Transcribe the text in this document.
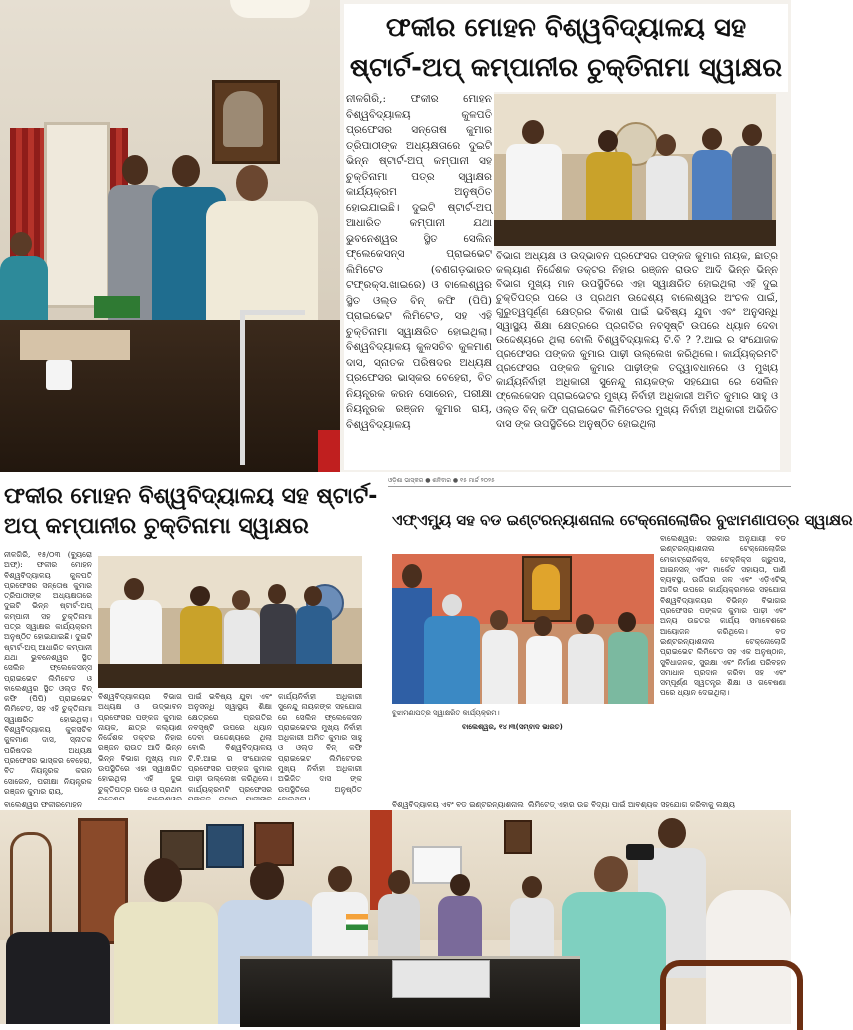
ଫକୀର ମୋହନ ବିଶ୍ୱବିଦ୍ୟାଳୟ ସହ
ଷ୍ଟାର୍ଟ-ଅପ୍ କମ୍ପାନୀର ଚୁକ୍ତିନାମା ସ୍ୱାକ୍ଷର
ନୀଳଗିରି,: ଫକୀର ମୋହନ ବିଶ୍ୱବିଦ୍ୟାଳୟ କୁଳପତି ପ୍ରଫେସର ସନ୍ତୋଷ କୁମାର ତ୍ରିପାଠୀଙ୍କ ଅଧ୍ୟକ୍ଷତାରେ ଦୁଇଟି ଭିନ୍ନ ଷ୍ଟାର୍ଟ-ଅପ୍ କମ୍ପାନୀ ସହ ଚୁକ୍ତିନାମା ପତ୍ର ସ୍ୱାକ୍ଷର କାର୍ଯ୍ୟକ୍ରମ ଅନୁଷ୍ଠିତ ହୋଇଯାଇଛି। ଦୁଇଟି ଷ୍ଟାର୍ଟ-ଅପ୍ ଆଧାରିତ କମ୍ପାନୀ ଯଥା ଭୁବନେଶ୍ୱର ସ୍ଥିତ ସେଲିନ ଫ୍ଲେକେସନ୍ସ ପ୍ରାଇଭେଟ ଲିମିଟେଡ (ବଣଗଡ଼ଭାରତ ଟଫ୍ରକ୍ସ.ଖାଇରେ) ଓ ବାଲେଶ୍ୱର ସ୍ଥିତ ଓଲ୍ଡ ବିନ୍ କଫି (ପିପି) ପ୍ରାଇଭେଟ ଲିମିଟେଡ, ସହ ଏହି ଚୁକ୍ତିନାମା ସ୍ୱାକ୍ଷରିତ ହୋଇଥିଲା। ବିଶ୍ୱବିଦ୍ୟାଳୟ କୁଳସଚିବ କୁଳମାଣ ଦାସ, ସ୍ନାତକ ପରିଷଦର ଅଧ୍ୟକ୍ଷ ପ୍ରଫେସର ଭାସ୍କର ବେହେରା, ବିତ ନିୟନ୍ତ୍ରକ କରନ ସୋରେନ, ପରୀକ୍ଷା ନିୟନ୍ତ୍ରକ ରଞ୍ଜନ କୁମାର ରାୟ, ବିଶ୍ୱବିଦ୍ୟାଳୟ
ବିଭାଗ ଅଧ୍ୟକ୍ଷ ଓ ଉଦ୍ଭାବନ ପ୍ରଫେସର ପଙ୍କଜ କୁମାର ନାୟକ, ଛାତ୍ର କଲ୍ୟାଣ ନିର୍ଦ୍ଦେଶକ ଡକ୍ଟର ନିହାର ରଞ୍ଜନ ରାଉତ ଆଦି ଭିନ୍ନ ଭିନ୍ନ ବିଭାଗ ମୁଖ୍ୟ ମାନ ଉପସ୍ଥିତିରେ ଏହା ସ୍ୱାକ୍ଷରିତ ହୋଇଥିଲା ଏହି ଦୁଇ ଚୁକ୍ତିପତ୍ର ପରେ ଓ ପ୍ରଥମ ଉଦ୍ଦେଶ୍ୟ ବାଲେଶ୍ୱର ଅଂଚଳ ପାଇଁ, ଗୁରୁତ୍ୱପୂର୍ଣ୍ଣ କ୍ଷେତ୍ରର ବିକାଶ ପାଇଁ ଭବିଷ୍ୟ ଯୁବା ଏବଂ ଅନୁସନ୍ଧି ସ୍ୱାସ୍ଥ୍ୟ ଶିକ୍ଷା କ୍ଷେତ୍ରରେ ପ୍ରଗତିର ନବସୃଷ୍ଟି ଉପରେ ଧ୍ୟାନ ଦେବା ଉଦ୍ଦେଶ୍ୟରେ ଥିଲା ବୋଲି ବିଶ୍ୱବିଦ୍ୟାଳୟ ଟି.ବି ? ?.ଆଇ ର ସଂଯୋଜକ ପ୍ରଫେସର ପଙ୍କଜ କୁମାର ପାଢ଼ୀ ଉଲ୍ଲେଖ କରିଥିଲେ। କାର୍ଯ୍ୟକ୍ରମଟି ପ୍ରଫେସର ପଙ୍କଜ କୁମାର ପାଢ଼ୀଙ୍କ ତତ୍ତ୍ୱାବଧାନରେ ଓ ମୁଖ୍ୟ କାର୍ଯ୍ୟନିର୍ବାହୀ ଅଧିକାରୀ ସୁନେନ୍ଦୁ ନାୟକଙ୍କ ସହଯୋଗ ରେ ସେଲିନ ଫ୍ଲେକେସନ ପ୍ରାଇଭେଟର ମୁଖ୍ୟ ନିର୍ବାହୀ ଅଧିକାରୀ ଅମିତ କୁମାର ସାହୁ ଓ ଓଲ୍ଡ ବିନ୍ କଫି ପ୍ରାଇଭେଟ ଲିମିଟେଡର ମୁଖ୍ୟ ନିର୍ବାହୀ ଅଧିକାରୀ ଅଭିଜିତ ଦାସ ଙ୍କ ଉପସ୍ଥିତିରେ ଅନୁଷ୍ଠିତ ହୋଇଥିଲା
ଫକୀର ମୋହନ ବିଶ୍ୱବିଦ୍ୟାଳୟ ସହ ଷ୍ଟାର୍ଟ-
ଅପ୍ କମ୍ପାନୀର ଚୁକ୍ତିନାମା ସ୍ୱାକ୍ଷର
ନୀଳଗିରି, ୧୫/୦୩ (ବ୍ୟୁରୋ ଅଫ୍): ଫକୀର ମୋହନ ବିଶ୍ୱବିଦ୍ୟାଳୟ କୁଳପତି ପ୍ରଫେସର ସନ୍ତୋଷ କୁମାର ତ୍ରିପାଠୀଙ୍କ ଅଧ୍ୟକ୍ଷତାରେ ଦୁଇଟି ଭିନ୍ନ ଷ୍ଟାର୍ଟ-ଅପ୍ କମ୍ପାନୀ ସହ ଚୁକ୍ତିନାମା ପତ୍ର ସ୍ୱାକ୍ଷର କାର୍ଯ୍ୟକ୍ରମ ଅନୁଷ୍ଠିତ ହୋଇଯାଇଛି। ଦୁଇଟି ଷ୍ଟାର୍ଟ-ଅପ୍ ଆଧାରିତ କମ୍ପାନୀ ଯଥା ଭୁବନେଶ୍ୱର ସ୍ଥିତ ସେଲିନ ଫ୍ଲେକେସନ୍ସ ପ୍ରାଇଭେଟ ଲିମିଟେଡ ଓ ବାଲେଶ୍ୱର ସ୍ଥିତ ଓଲ୍ଡ ବିନ୍ କଫି (ପିପି) ପ୍ରାଇଭେଟ ଲିମିଟେଡ, ସହ ଏହି ଚୁକ୍ତିନାମା ସ୍ୱାକ୍ଷରିତ ହୋଇଥିଲା। ବିଶ୍ୱବିଦ୍ୟାଳୟ କୁଳସଚିବ କୁଳମାଣ ଦାସ, ସ୍ନାତକ ପରିଷଦର ଅଧ୍ୟକ୍ଷ ପ୍ରଫେସର ଭାସ୍କର ବେହେରା, ବିତ ନିୟନ୍ତ୍ରକ କରନ ସୋରେନ, ପରୀକ୍ଷା ନିୟନ୍ତ୍ରକ ରଞ୍ଜନ କୁମାର ରାୟ,
ବିଶ୍ୱବିଦ୍ୟାଳୟର ବିଭାଗ ଅଧ୍ୟକ୍ଷ ଓ ଉଦ୍ଭାବନ ପ୍ରଫେସର ପଙ୍କଜ କୁମାର ନାୟକ, ଛାତ୍ର କଲ୍ୟାଣ ନିର୍ଦ୍ଦେଶକ ଡକ୍ଟର ନିହାର ରଞ୍ଜନ ରାଉତ ଆଦି ଭିନ୍ନ ଭିନ୍ନ ବିଭାଗ ମୁଖ୍ୟ ମାନ ଉପସ୍ଥିତିରେ ଏହା ସ୍ୱାକ୍ଷରିତ ହୋଇଥିଲା ଏହି ଦୁଇ ଚୁକ୍ତିପତ୍ର ପରେ ଓ ପ୍ରଥମ
ପାଇଁ ଭବିଷ୍ୟ ଯୁବା ଏବଂ ଅନୁସନ୍ଧି ସ୍ୱାସ୍ଥ୍ୟ ଶିକ୍ଷା କ୍ଷେତ୍ରରେ ପ୍ରଗତିର ନବସୃଷ୍ଟି ଉପରେ ଧ୍ୟାନ ଦେବା ଉଦ୍ଦେଶ୍ୟରେ ଥିଲା ବୋଲି ବିଶ୍ୱବିଦ୍ୟାଳୟ ଟି.ବି.ଆଇ ର ସଂଯୋଜକ ପ୍ରଫେସର ପଙ୍କଜ କୁମାର ପାଢ଼ୀ ଉଲ୍ଲେଖ କରିଥିଲେ। କାର୍ଯ୍ୟକ୍ରମଟି ପ୍ରଫେସର
କାର୍ଯ୍ୟନିର୍ବାହୀ ଅଧିକାରୀ ସୁନେନ୍ଦୁ ନାୟକଙ୍କ ସହଯୋଗ ରେ ସେଲିନ ଫ୍ଲେକେସନ ପ୍ରାଇଭେଟର ମୁଖ୍ୟ ନିର୍ବାହୀ ଅଧିକାରୀ ଅମିତ କୁମାର ସାହୁ ଓ ଓଲ୍ଡ ବିନ୍ କଫି ପ୍ରାଇଭେଟ ଲିମିଟେଡର ମୁଖ୍ୟ ନିର୍ବାହୀ ଅଧିକାରୀ ଅଭିଜିତ ଦାସ ଙ୍କ ଉପସ୍ଥିତିରେ ଅନୁଷ୍ଠିତ
ଓଡ଼ିଶା ଭାସ୍କର ● ଶନିବାର ● ୧୫ ମାର୍ଚ୍ଚ ୨୦୨୫
ଏଫ୍ଏମ୍ୟୁ ସହ ବଡ ଇଣ୍ଟରନ୍ୟାଶନାଲ ଟେକ୍ନୋଲୋଜିର ବୁଝାମଣାପତ୍ର ସ୍ୱାକ୍ଷର
ବୁଝାମଣାପତ୍ର ସ୍ୱାକ୍ଷରିତ କାର୍ଯ୍ୟକ୍ରମ।
ବାଲେଶ୍ୱର, ୧୪।୩(ସମ୍ବାଦ ଭାରତ)
ବାଲେଶ୍ୱର: ସରକାର ଅନୁଯାୟୀ ବଡ ଇଣ୍ଟରନ୍ୟାଶନାଲ ଟେକ୍ନୋଲୋଜିର ମେକାଟ୍ରୋନିକ୍ସ, ଟେକ୍ନିକ୍ସ ଗ୍ରୁପସ, ଆଇନସନ୍ ଏବଂ ମାର୍କେଟ ସହାୟତା, ପାଣି ବ୍ୟବସ୍ଥା, ଉର୍ଜିତାର ଜଳ ଏବଂ ଏଡ଼ିଏଟିଭ୍ ଆଦିର ଉପରେ କାର୍ଯ୍ୟକ୍ରମରେ ସହଯୋଗ ବିଶ୍ୱବିଦ୍ୟାଳୟର ବିଭିନ୍ନ ବିଭାଗର ପ୍ରଫେସର ପଙ୍କଜ କୁମାର ପାଢ଼ୀ ଏବଂ ଅନ୍ୟ ଉଚ୍ଚତର କାର୍ଯ୍ୟ ସମାବେଶରେ ଆୟୋଜନ କରିଥିଲେ। ବଡ ଇଣ୍ଟରନ୍ୟାଶନାଲ ଟେକ୍ନୋଲୋଜି ପ୍ରାଇଭେଟ ଲିମିଟେଡ ସହ ଏକ ଅନୁଷ୍ଠାନ, ସୁବିଧାଜନକ, ସୁରକ୍ଷା ଏବଂ ନିର୍ମାଣ ପରିବହନ ସମାଧାନ ପ୍ରଦାନ କରିବା ସହ ଏବଂ ସମ୍ପୂର୍ଣ୍ଣ ସ୍ୱତନ୍ତ୍ର ଶିକ୍ଷା ଓ ଗବେଷଣା ପରେ ଧ୍ୟାନ ଦେଇଥିଲା।
ବାଲେଶ୍ୱର ଫକୀରମୋହନ	ବିଶ୍ୱବିଦ୍ୟାଳୟ ଏବଂ ବଡ ଇଣ୍ଟରନ୍ୟାଶନାଲ ଲିମିଟେଡ୍ ଏହାର ଉଚ୍ଚ ବିଦ୍ୟା ପାଇଁ ଆବଶ୍ୟକ ସହଯୋଗ କରିବାକୁ ଲକ୍ଷ୍ୟ
